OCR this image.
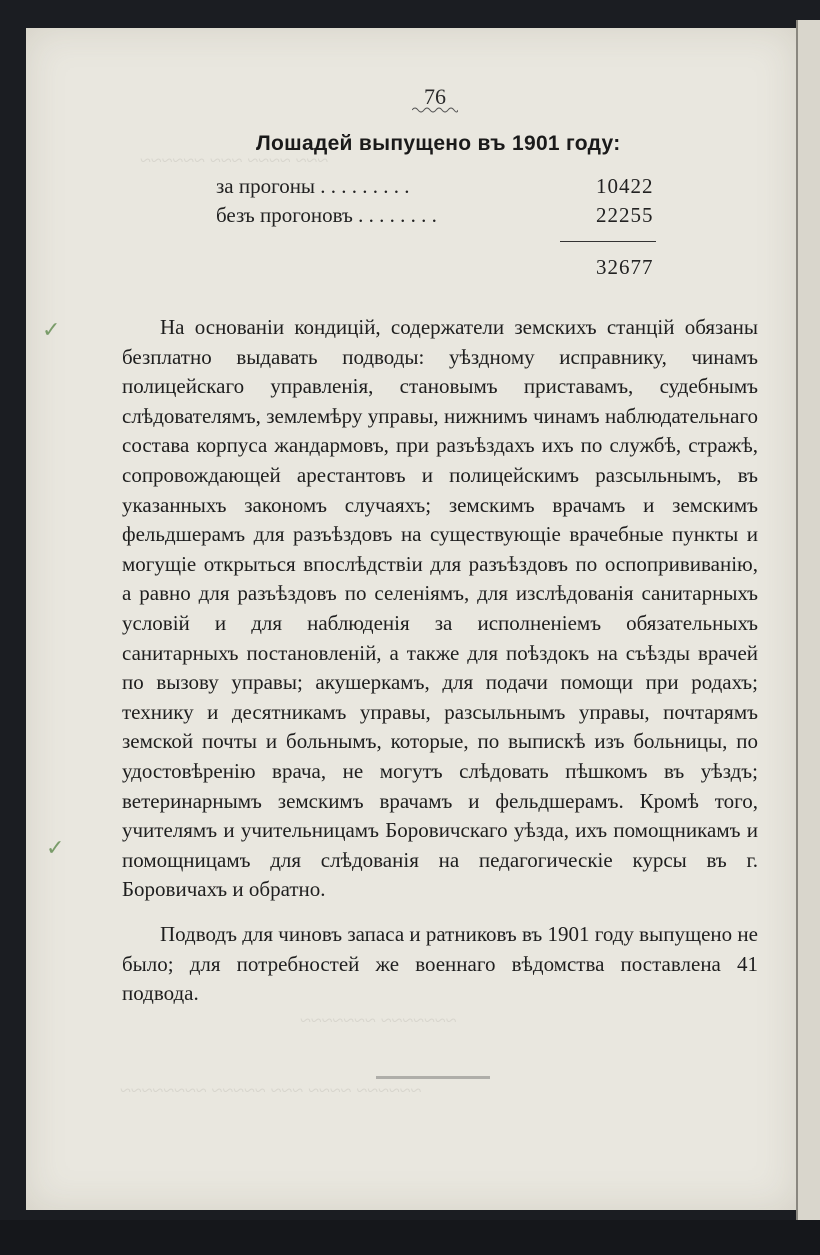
~~~ ~~~~ ~~~ ~~~~~~
~~~~~~~ ~~~~~~~
~~~~~~ ~~~~ ~~~ ~~~~~ ~~~~~~~~
76
Лошадей выпущено въ 1901 году:
за прогоны . . . . . . . . .	10422
безъ прогоновъ . . . . . . . .	22255
32677
На основаніи кондицій, содержатели земскихъ станцій обязаны безплатно выдавать подводы: уѣздному исправнику, чинамъ полицейскаго управленія, становымъ приставамъ, судебнымъ слѣдователямъ, землемѣру управы, нижнимъ чинамъ наблюдательнаго состава корпуса жандармовъ, при разъѣздахъ ихъ по службѣ, стражѣ, сопровождающей арестантовъ и полицейскимъ разсыльнымъ, въ указанныхъ закономъ случаяхъ; земскимъ врачамъ и земскимъ фельдшерамъ для разъѣздовъ на существующіе врачебные пункты и могущіе открыться впослѣдствіи для разъѣздовъ по оспопрививанію, а равно для разъѣздовъ по селеніямъ, для изслѣдованія санитарныхъ условій и для наблюденія за исполненіемъ обязательныхъ санитарныхъ постановленій, а также для поѣздокъ на съѣзды врачей по вызову управы; акушеркамъ, для подачи помощи при родахъ; технику и десятникамъ управы, разсыльнымъ управы, почтарямъ земской почты и больнымъ, которые, по выпискѣ изъ больницы, по удостовѣренію врача, не могутъ слѣдовать пѣшкомъ въ уѣздъ; ветеринарнымъ земскимъ врачамъ и фельдшерамъ. Кромѣ того, учителямъ и учительницамъ Боровичскаго уѣзда, ихъ помощникамъ и помощницамъ для слѣдованія на педагогическіе курсы въ г. Боровичахъ и обратно.
Подводъ для чиновъ запаса и ратниковъ въ 1901 году выпущено не было; для потребностей же военнаго вѣдомства поставлена 41 подвода.
✓
✓
